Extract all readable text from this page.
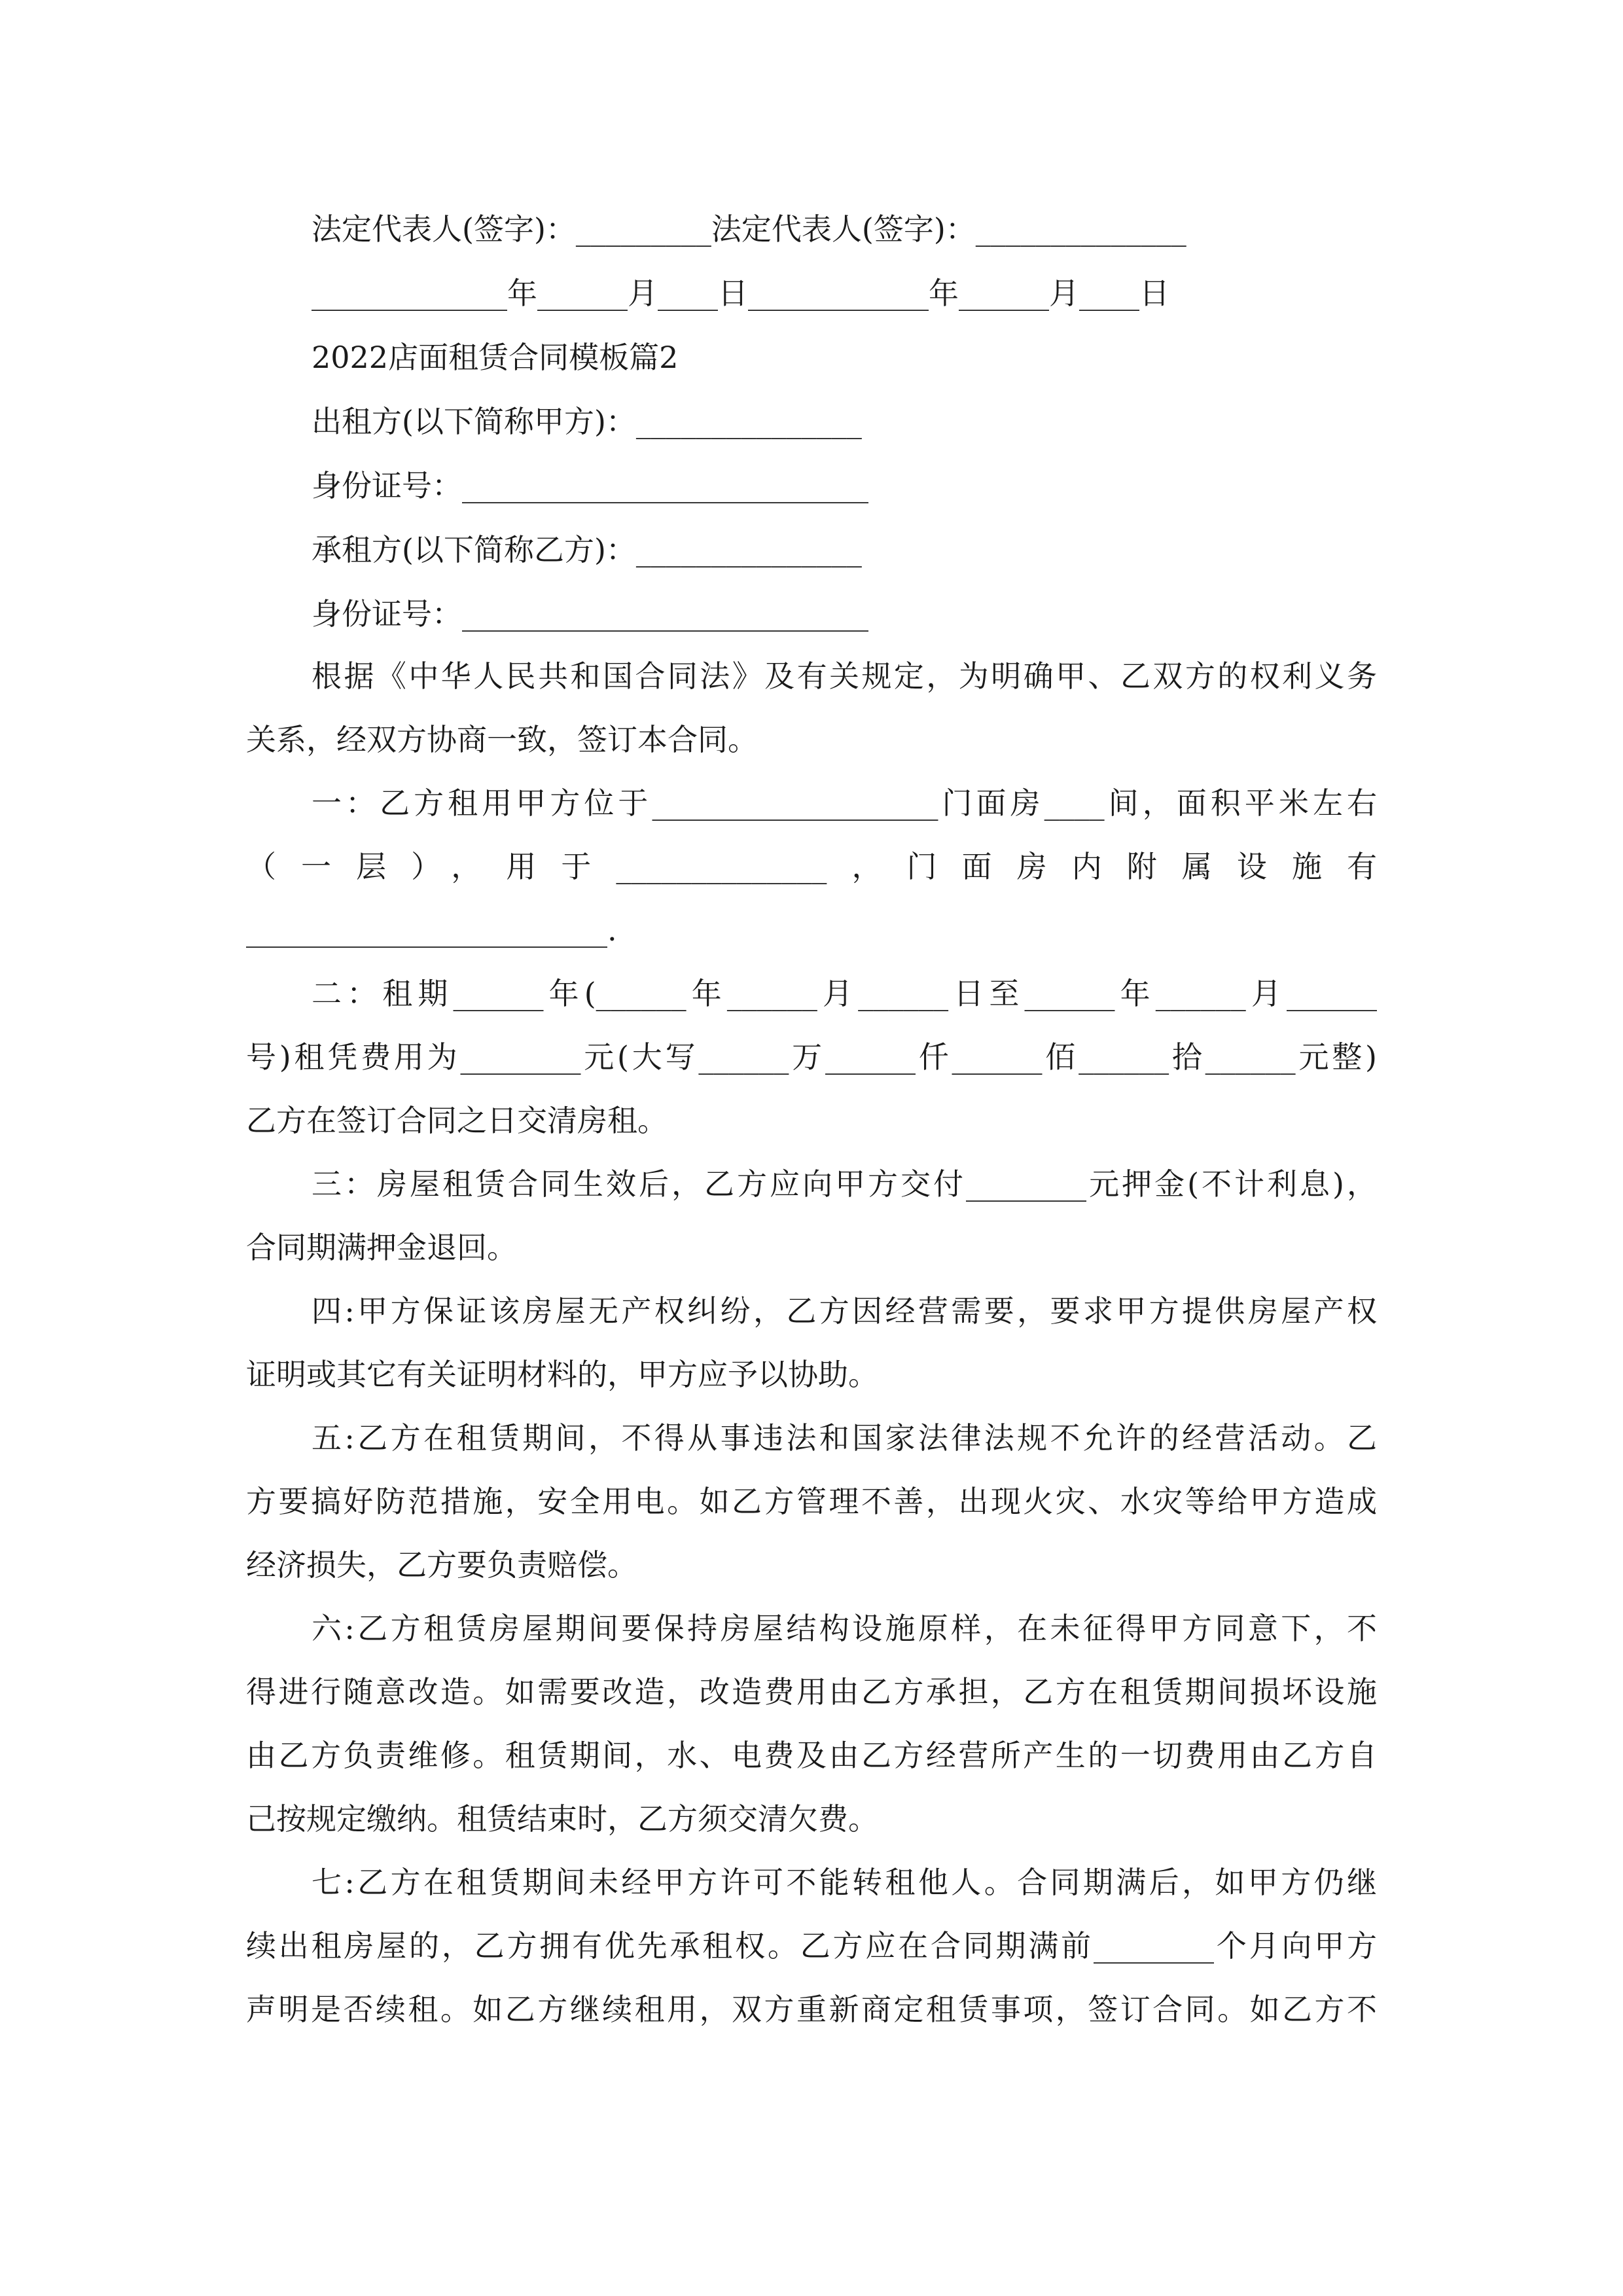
法定代表人(签字)：_________法定代表人(签字)：______________
_____________年______月____日____________年______月____日
2022店面租赁合同模板篇2
出租方(以下简称甲方)：_______________
身份证号：___________________________
承租方(以下简称乙方)：_______________
身份证号：___________________________
根据《中华人民共和国合同法》及有关规定，为明确甲、乙双方的权利义务
关系，经双方协商一致，签订本合同。
一：乙方租用甲方位于___________________门面房____间，面积平米左右
（一层），用于______________，门面房内附属设施有
________________________.
二：租期______年(______年______月______日至______年______月______
号)租凭费用为________元(大写______万______仟______佰______拾______元整)
乙方在签订合同之日交清房租。
三：房屋租赁合同生效后，乙方应向甲方交付________元押金(不计利息)，
合同期满押金退回。
四:甲方保证该房屋无产权纠纷，乙方因经营需要，要求甲方提供房屋产权
证明或其它有关证明材料的，甲方应予以协助。
五:乙方在租赁期间，不得从事违法和国家法律法规不允许的经营活动。乙
方要搞好防范措施，安全用电。如乙方管理不善，出现火灾、水灾等给甲方造成
经济损失，乙方要负责赔偿。
六:乙方租赁房屋期间要保持房屋结构设施原样，在未征得甲方同意下，不
得进行随意改造。如需要改造，改造费用由乙方承担，乙方在租赁期间损坏设施
由乙方负责维修。租赁期间，水、电费及由乙方经营所产生的一切费用由乙方自
己按规定缴纳。租赁结束时，乙方须交清欠费。
七:乙方在租赁期间未经甲方许可不能转租他人。合同期满后，如甲方仍继
续出租房屋的，乙方拥有优先承租权。乙方应在合同期满前________个月向甲方
声明是否续租。如乙方继续租用，双方重新商定租赁事项，签订合同。如乙方不
